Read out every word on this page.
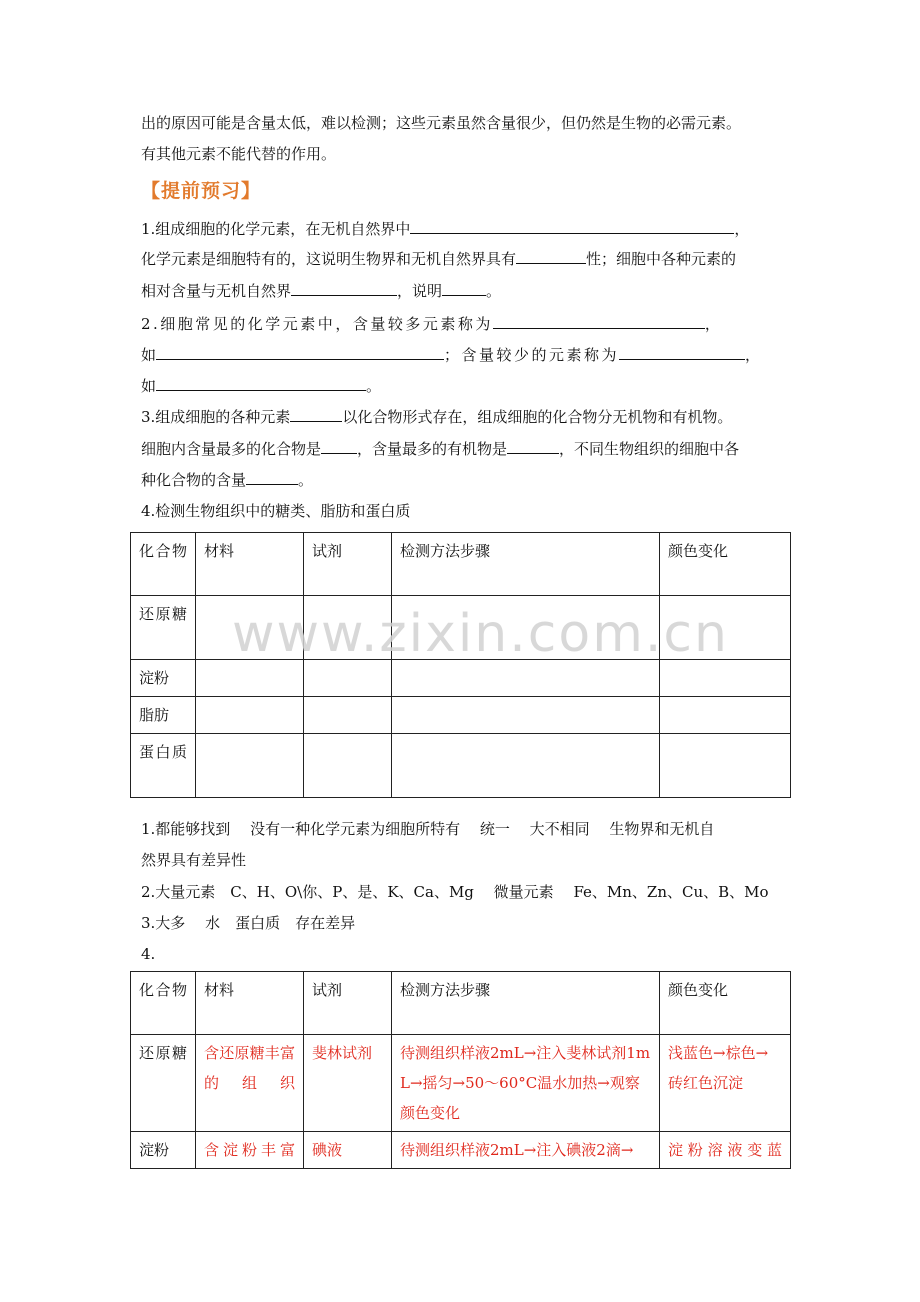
出的原因可能是含量太低，难以检测；这些元素虽然含量很少，但仍然是生物的必需元素。
有其他元素不能代替的作用。
【提前预习】
1.组成细胞的化学元素，在无机自然界中	，
化学元素是细胞特有的，这说明生物界和无机自然界具有	性；细胞中各种元素的
相对含量与无机自然界	，说明	。
2.细胞常见的化学元素中，含量较多元素称为	，
如	；含量较少的元素称为	，
如	。
3.组成细胞的各种元素	以化合物形式存在，组成细胞的化合物分无机物和有机物。
细胞内含量最多的化合物是 ，含量最多的有机物是	，不同生物组织的细胞中各
种化合物的含量	。
4.检测生物组织中的糖类、脂肪和蛋白质
化合物	材料	试剂	检测方法步骤	颜色变化
还原糖				
淀粉				
脂肪				
蛋白质				
www.zixin.com.cn
1.都能够找到　 没有一种化学元素为细胞所特有　 统一　 大不相同　 生物界和无机自
然界具有差异性
2.大量元素　C、H、O\你、P、是、K、Ca、Mg　 微量元素　 Fe、Mn、Zn、Cu、B、Mo
3.大多　 水　蛋白质　存在差异
4.
化合物	材料	试剂	检测方法步骤	颜色变化
还原糖	含还原糖丰富的组织	斐林试剂	待测组织样液2mL→注入斐林试剂1mL→摇匀→50～60°C温水加热→观察颜色变化	浅蓝色→棕色→砖红色沉淀
淀粉	含淀粉丰富	碘液	待测组织样液2mL→注入碘液2滴→	淀粉溶液变蓝
